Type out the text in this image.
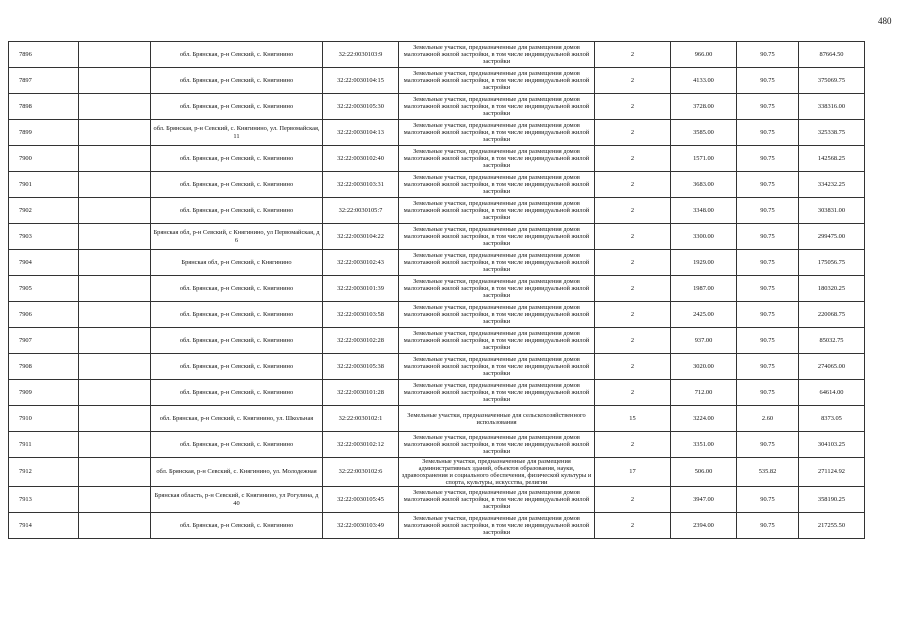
480
7896		обл. Брянская, р-н Севский, с. Княгинино	32:22:0030103:9	Земельные участки, предназначенные для размещения домов малоэтажной жилой застройки, в том числе индивидуальной жилой застройки	2	966.00	90.75	87664.50
7897		обл. Брянская, р-н Севский, с. Княгинино	32:22:0030104:15	Земельные участки, предназначенные для размещения домов малоэтажной жилой застройки, в том числе индивидуальной жилой застройки	2	4133.00	90.75	375069.75
7898		обл. Брянская, р-н Севский, с. Княгинино	32:22:0030105:30	Земельные участки, предназначенные для размещения домов малоэтажной жилой застройки, в том числе индивидуальной жилой застройки	2	3728.00	90.75	338316.00
7899		обл. Брянская, р-н Севский, с. Княгинино, ул. Первомайская, 11	32:22:0030104:13	Земельные участки, предназначенные для размещения домов малоэтажной жилой застройки, в том числе индивидуальной жилой застройки	2	3585.00	90.75	325338.75
7900		обл. Брянская, р-н Севский, с. Княгинино	32:22:0030102:40	Земельные участки, предназначенные для размещения домов малоэтажной жилой застройки, в том числе индивидуальной жилой застройки	2	1571.00	90.75	142568.25
7901		обл. Брянская, р-н Севский, с. Княгинино	32:22:0030103:31	Земельные участки, предназначенные для размещения домов малоэтажной жилой застройки, в том числе индивидуальной жилой застройки	2	3683.00	90.75	334232.25
7902		обл. Брянская, р-н Севский, с. Княгинино	32:22:0030105:7	Земельные участки, предназначенные для размещения домов малоэтажной жилой застройки, в том числе индивидуальной жилой застройки	2	3348.00	90.75	303831.00
7903		Брянская обл, р-н Севский, с Княгинино, ул Первомайская, д 6	32:22:0030104:22	Земельные участки, предназначенные для размещения домов малоэтажной жилой застройки, в том числе индивидуальной жилой застройки	2	3300.00	90.75	299475.00
7904		Брянская обл, р-н Севский, с Княгинино	32:22:0030102:43	Земельные участки, предназначенные для размещения домов малоэтажной жилой застройки, в том числе индивидуальной жилой застройки	2	1929.00	90.75	175056.75
7905		обл. Брянская, р-н Севский, с. Княгинино	32:22:0030101:39	Земельные участки, предназначенные для размещения домов малоэтажной жилой застройки, в том числе индивидуальной жилой застройки	2	1987.00	90.75	180320.25
7906		обл. Брянская, р-н Севский, с. Княгинино	32:22:0030103:58	Земельные участки, предназначенные для размещения домов малоэтажной жилой застройки, в том числе индивидуальной жилой застройки	2	2425.00	90.75	220068.75
7907		обл. Брянская, р-н Севский, с. Княгинино	32:22:0030102:28	Земельные участки, предназначенные для размещения домов малоэтажной жилой застройки, в том числе индивидуальной жилой застройки	2	937.00	90.75	85032.75
7908		обл. Брянская, р-н Севский, с. Княгинино	32:22:0030105:38	Земельные участки, предназначенные для размещения домов малоэтажной жилой застройки, в том числе индивидуальной жилой застройки	2	3020.00	90.75	274065.00
7909		обл. Брянская, р-н Севский, с. Княгинино	32:22:0030101:28	Земельные участки, предназначенные для размещения домов малоэтажной жилой застройки, в том числе индивидуальной жилой застройки	2	712.00	90.75	64614.00
7910		обл. Брянская, р-н Севский, с. Княгинино, ул. Школьная	32:22:0030102:1	Земельные участки, предназначенные для сельскохозяйственного использования	15	3224.00	2.60	8373.05
7911		обл. Брянская, р-н Севский, с. Княгинино	32:22:0030102:12	Земельные участки, предназначенные для размещения домов малоэтажной жилой застройки, в том числе индивидуальной жилой застройки	2	3351.00	90.75	304103.25
7912		обл. Брянская, р-н Севский, с. Княгинино, ул. Молодежная	32:22:0030102:6	Земельные участки, предназначенные для размещения административных зданий, объектов образования, науки, здравоохранения и социального обеспечения, физической культуры и спорта, культуры, искусства, религии	17	506.00	535.82	271124.92
7913		Брянская область, р-н Севский, с Княгинино, ул Рогулина, д 40	32:22:0030105:45	Земельные участки, предназначенные для размещения домов малоэтажной жилой застройки, в том числе индивидуальной жилой застройки	2	3947.00	90.75	358190.25
7914		обл. Брянская, р-н Севский, с. Княгинино	32:22:0030103:49	Земельные участки, предназначенные для размещения домов малоэтажной жилой застройки, в том числе индивидуальной жилой застройки	2	2394.00	90.75	217255.50
